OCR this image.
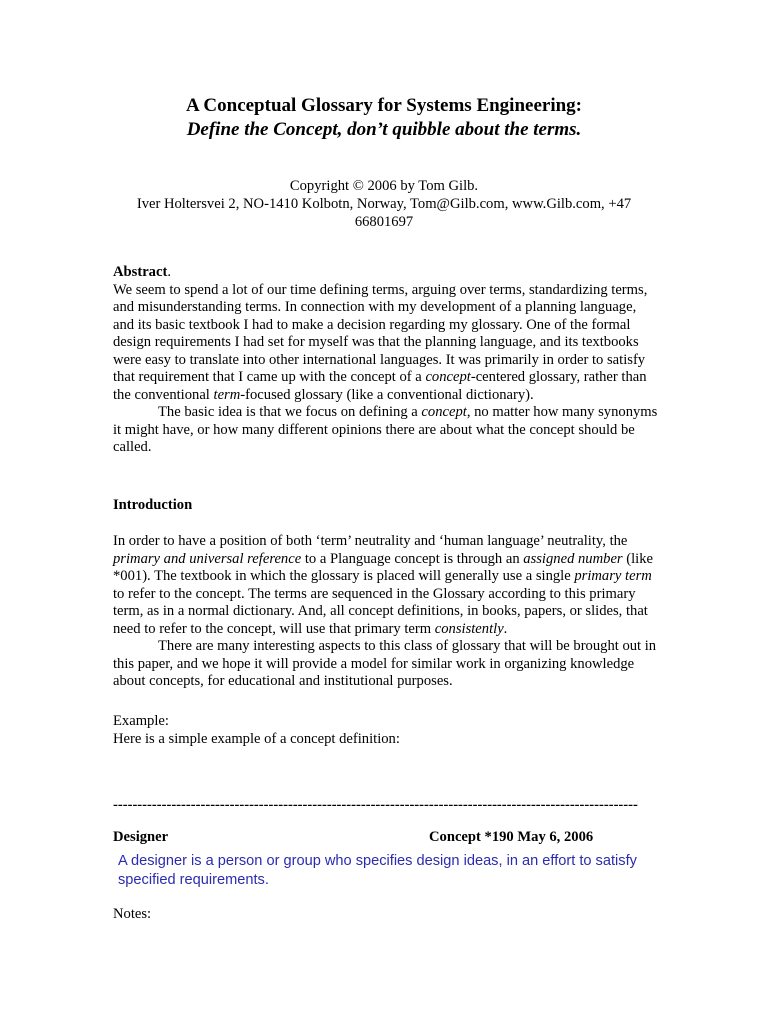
A Conceptual Glossary for Systems Engineering:
Define the Concept, don’t quibble about the terms.
Copyright © 2006 by Tom Gilb.
Iver Holtersvei 2, NO-1410 Kolbotn, Norway, Tom@Gilb.com, www.Gilb.com, +47 66801697

Abstract.

We seem to spend a lot of our time defining terms, arguing over terms, standardizing terms, and misunderstanding terms. In connection with my development of a planning language, and its basic textbook I had to make a decision regarding my glossary. One of the formal design requirements I had set for myself was that the planning language, and its textbooks were easy to translate into other international languages. It was primarily in order to satisfy that requirement that I came up with the concept of a concept-centered glossary, rather than the conventional term-focused glossary (like a conventional dictionary).

The basic idea is that we focus on defining a concept, no matter how many synonyms it might have, or how many different opinions there are about what the concept should be called.

Introduction

In order to have a position of both ‘term’ neutrality and ‘human language’ neutrality, the primary and universal reference to a Planguage concept is through an assigned number (like *001). The textbook in which the glossary is placed will generally use a single primary term to refer to the concept. The terms are sequenced in the Glossary according to this primary term, as in a normal dictionary. And, all concept definitions, in books, papers, or slides, that need to refer to the concept, will use that primary term consistently.

There are many interesting aspects to this class of glossary that will be brought out in this paper, and we hope it will provide a model for similar work in organizing knowledge about concepts, for educational and institutional purposes.

Example:

Here is a simple example of a concept definition:

------------------------------------------------------------------------------------------------------------
Designer	Concept *190 May 6, 2006
A designer is a person or group who specifies design ideas, in an effort to satisfy specified requirements.
Notes:
